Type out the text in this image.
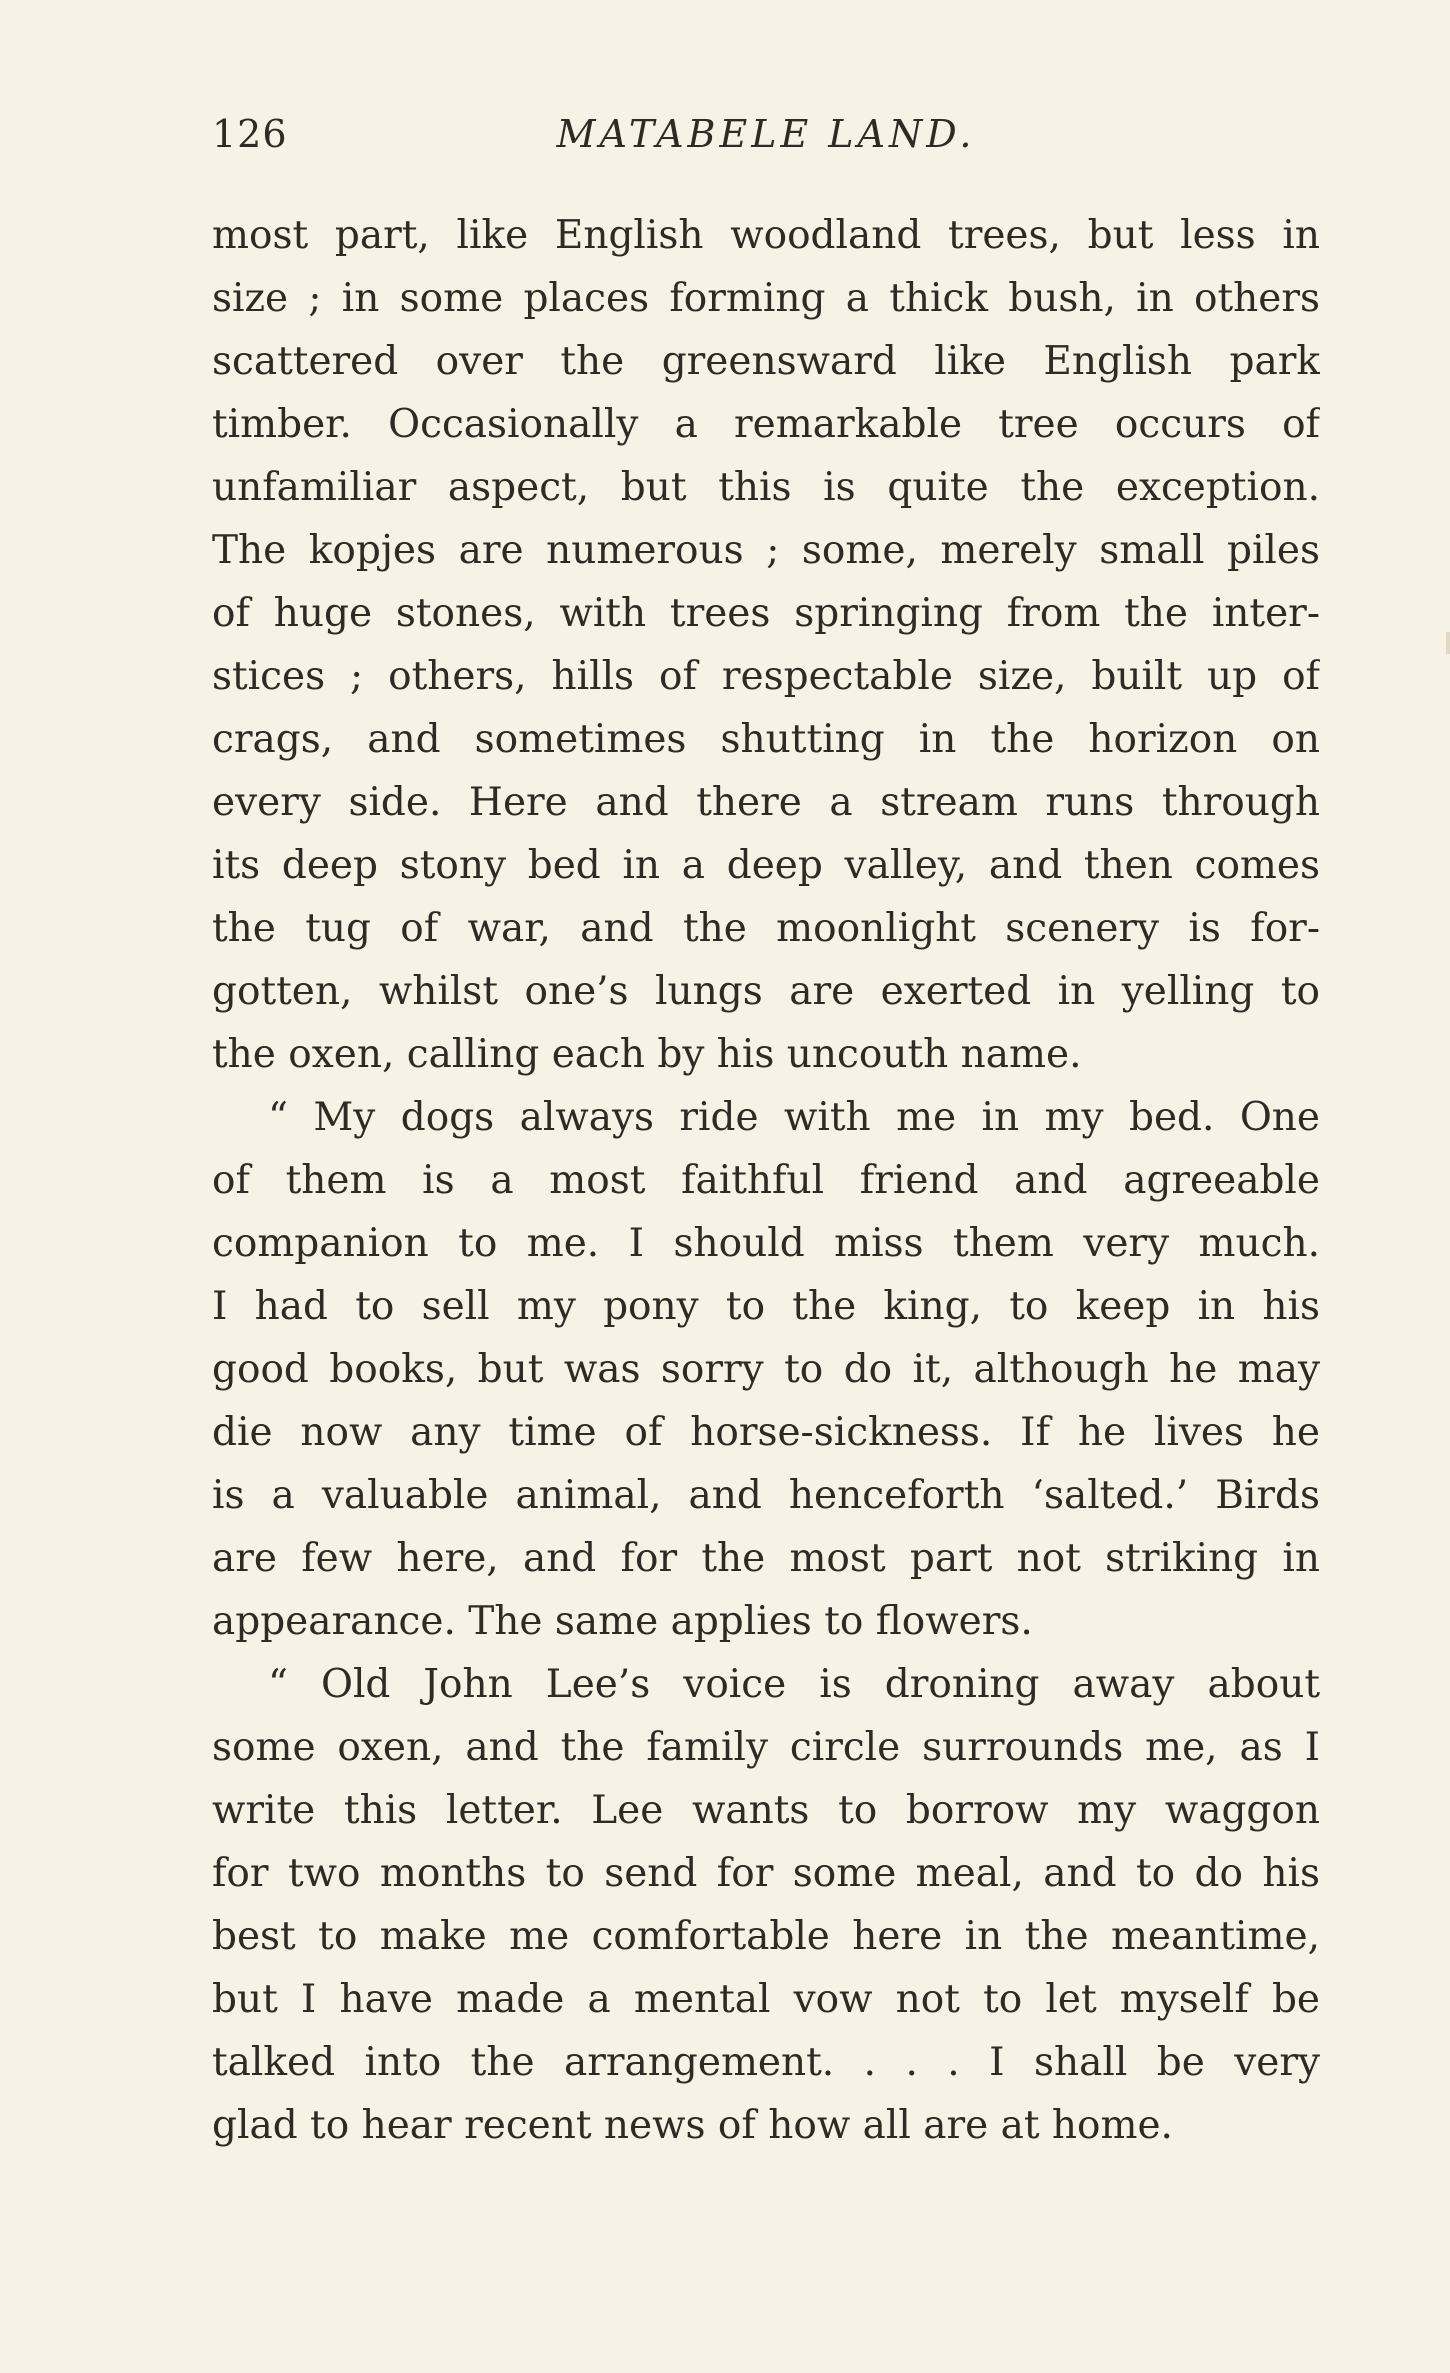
126	MATABELE LAND.
most part, like English woodland trees, but less in
size ; in some places forming a thick bush, in others
scattered over the greensward like English park
timber. Occasionally a remarkable tree occurs of
unfamiliar aspect, but this is quite the exception.
The kopjes are numerous ; some, merely small piles
of huge stones, with trees springing from the inter-
stices ; others, hills of respectable size, built up of
crags, and sometimes shutting in the horizon on
every side. Here and there a stream runs through
its deep stony bed in a deep valley, and then comes
the tug of war, and the moonlight scenery is for-
gotten, whilst one’s lungs are exerted in yelling to
the oxen, calling each by his uncouth name.
“ My dogs always ride with me in my bed. One
of them is a most faithful friend and agreeable
companion to me. I should miss them very much.
I had to sell my pony to the king, to keep in his
good books, but was sorry to do it, although he may
die now any time of horse-sickness. If he lives he
is a valuable animal, and henceforth ‘salted.’ Birds
are few here, and for the most part not striking in
appearance. The same applies to flowers.
“ Old John Lee’s voice is droning away about
some oxen, and the family circle surrounds me, as I
write this letter. Lee wants to borrow my waggon
for two months to send for some meal, and to do his
best to make me comfortable here in the meantime,
but I have made a mental vow not to let myself be
talked into the arrangement. . . . I shall be very
glad to hear recent news of how all are at home.
